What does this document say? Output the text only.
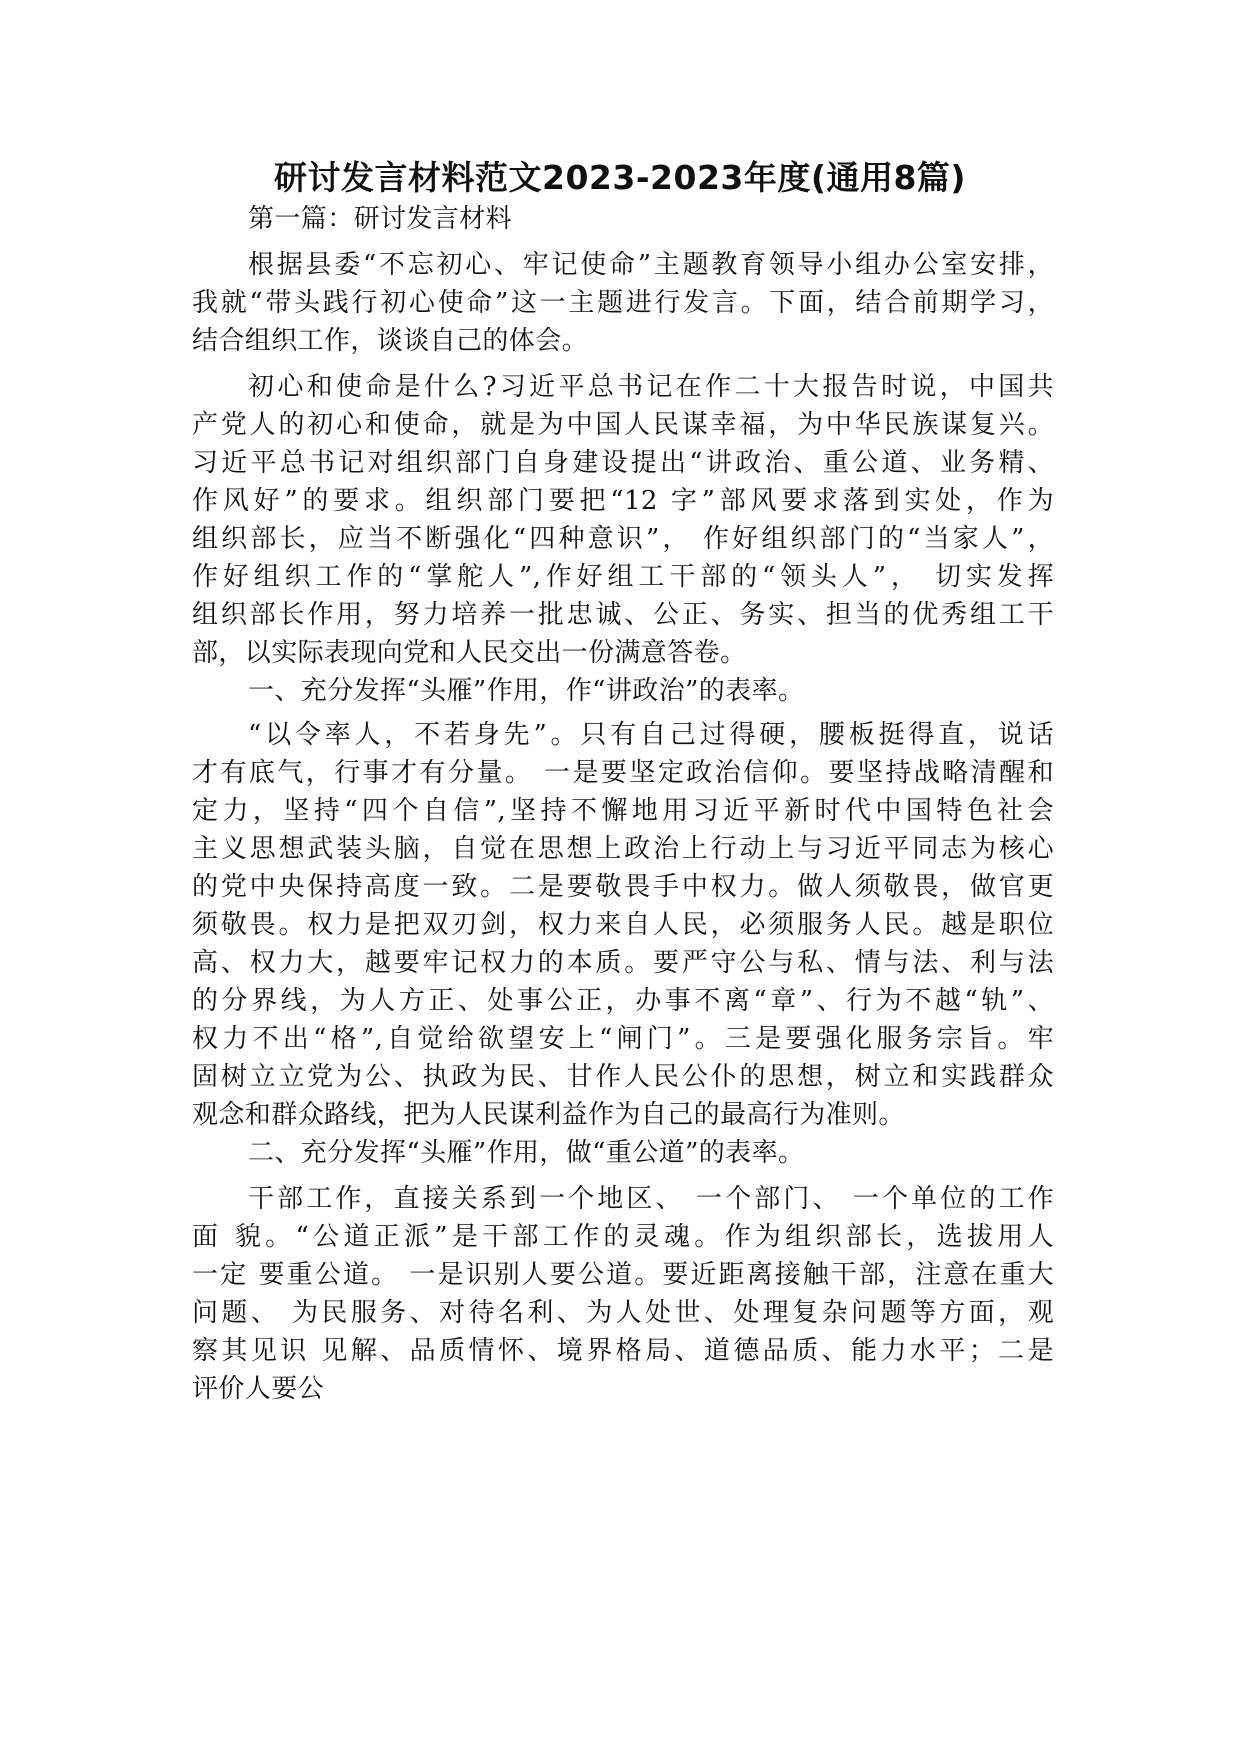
研讨发言材料范文2023-2023年度(通用8篇)
第一篇：研讨发言材料
根据县委“不忘初心、牢记使命”主题教育领导小组办公室安排，
我就“带头践行初心使命”这一主题进行发言。下面，结合前期学习，
结合组织工作，谈谈自己的体会。
初心和使命是什么?习近平总书记在作二十大报告时说，中国共
产党人的初心和使命，就是为中国人民谋幸福，为中华民族谋复兴。
习近平总书记对组织部门自身建设提出“讲政治、重公道、业务精、
作风好”的要求。组织部门要把“12 字”部风要求落到实处，作为
组织部长，应当不断强化“四种意识”， 作好组织部门的“当家人”，
作好组织工作的“掌舵人”,作好组工干部的“领头人”， 切实发挥
组织部长作用，努力培养一批忠诚、公正、务实、担当的优秀组工干
部，以实际表现向党和人民交出一份满意答卷。
一、充分发挥“头雁”作用，作“讲政治”的表率。
“以令率人，不若身先”。只有自己过得硬，腰板挺得直，说话
才有底气，行事才有分量。 一是要坚定政治信仰。要坚持战略清醒和
定力，坚持“四个自信”,坚持不懈地用习近平新时代中国特色社会
主义思想武装头脑，自觉在思想上政治上行动上与习近平同志为核心
的党中央保持高度一致。二是要敬畏手中权力。做人须敬畏，做官更
须敬畏。权力是把双刃剑，权力来自人民，必须服务人民。越是职位
高、权力大，越要牢记权力的本质。要严守公与私、情与法、利与法
的分界线，为人方正、处事公正，办事不离“章”、行为不越“轨”、
权力不出“格”,自觉给欲望安上“闸门”。三是要强化服务宗旨。牢
固树立立党为公、执政为民、甘作人民公仆的思想，树立和实践群众
观念和群众路线，把为人民谋利益作为自己的最高行为准则。
二、充分发挥“头雁”作用，做“重公道”的表率。
干部工作，直接关系到一个地区、 一个部门、 一个单位的工作
面 貌。“公道正派”是干部工作的灵魂。作为组织部长，选拔用人
一定 要重公道。 一是识别人要公道。要近距离接触干部，注意在重大
问题、 为民服务、对待名利、为人处世、处理复杂问题等方面，观
察其见识 见解、品质情怀、境界格局、道德品质、能力水平；二是
评价人要公
